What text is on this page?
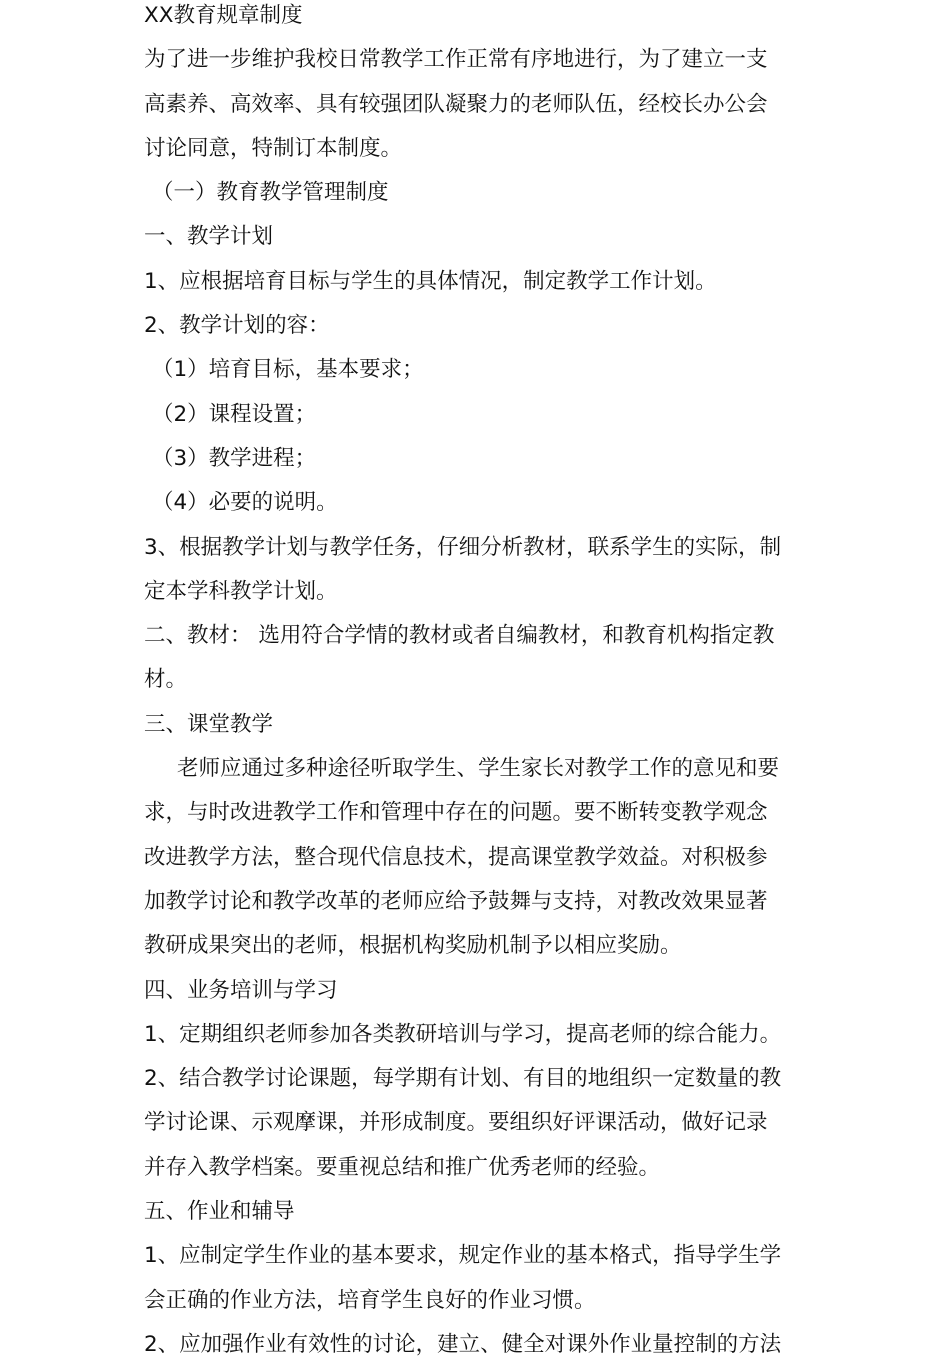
XX教育规章制度
为了进一步维护我校日常教学工作正常有序地进行，为了建立一支
高素养、高效率、具有较强团队凝聚力的老师队伍，经校长办公会
讨论同意，特制订本制度。
（一）教育教学管理制度
一、教学计划
1、应根据培育目标与学生的具体情况，制定教学工作计划。
2、教学计划的容：
（1）培育目标，基本要求；
（2）课程设置；
（3）教学进程；
（4）必要的说明。
3、根据教学计划与教学任务，仔细分析教材，联系学生的实际，制
定本学科教学计划。
二、教材： 选用符合学情的教材或者自编教材，和教育机构指定教
材。
三、课堂教学
老师应通过多种途径听取学生、学生家长对教学工作的意见和要
求，与时改进教学工作和管理中存在的问题。要不断转变教学观念
改进教学方法，整合现代信息技术，提高课堂教学效益。对积极参
加教学讨论和教学改革的老师应给予鼓舞与支持，对教改效果显著
教研成果突出的老师，根据机构奖励机制予以相应奖励。
四、业务培训与学习
1、定期组织老师参加各类教研培训与学习，提高老师的综合能力。
2、结合教学讨论课题，每学期有计划、有目的地组织一定数量的教
学讨论课、示观摩课，并形成制度。要组织好评课活动，做好记录
并存入教学档案。要重视总结和推广优秀老师的经验。
五、作业和辅导
1、应制定学生作业的基本要求，规定作业的基本格式，指导学生学
会正确的作业方法，培育学生良好的作业习惯。
2、应加强作业有效性的讨论，建立、健全对课外作业量控制的方法
